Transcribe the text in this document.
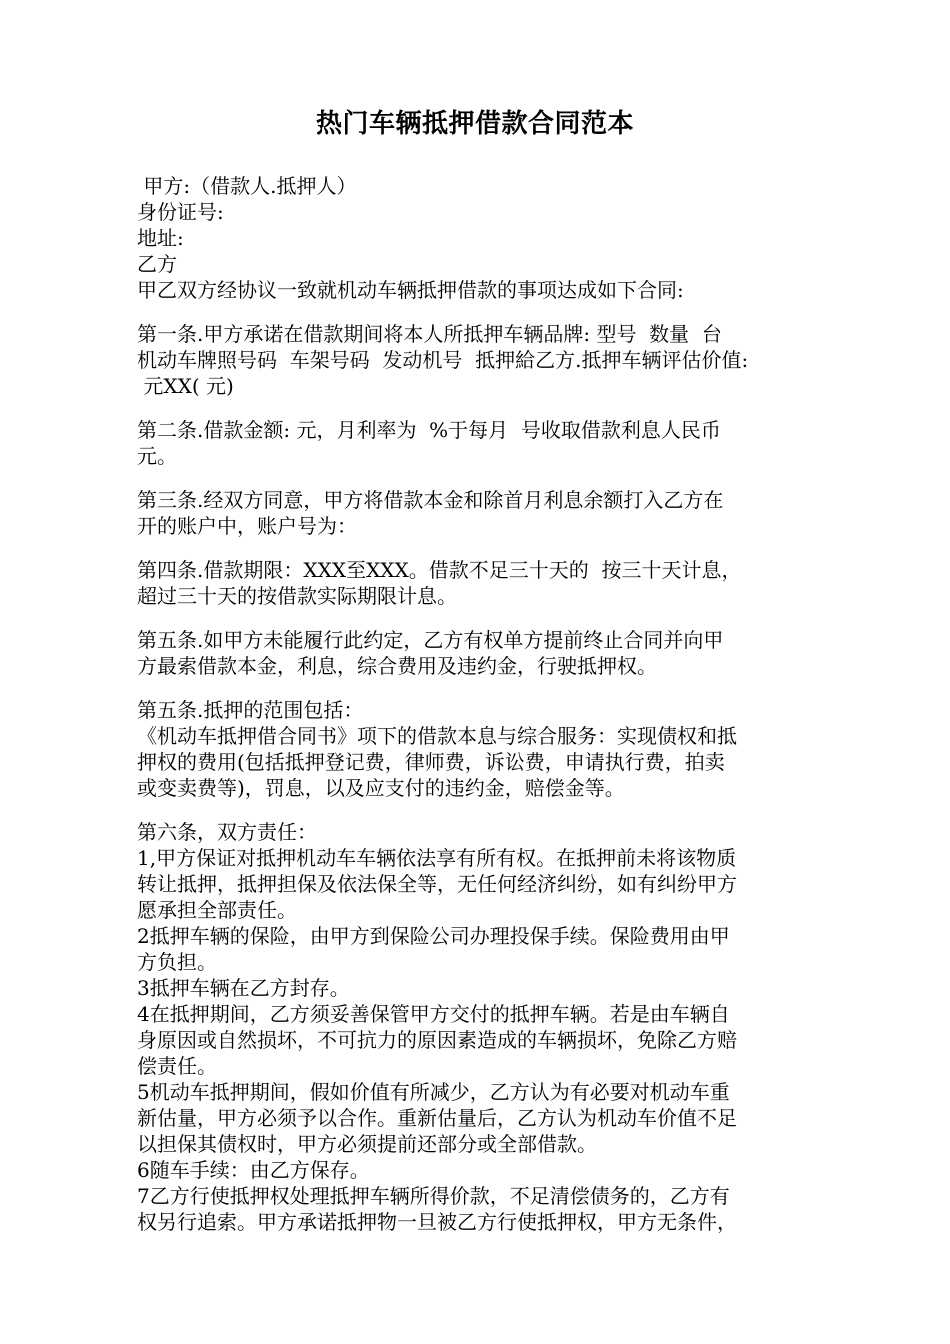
热门车辆抵押借款合同范本
甲方:（借款人.抵押人）
身份证号:
地址:
乙方
甲乙双方经协议一致就机动车辆抵押借款的事项达成如下合同:
第一条.甲方承诺在借款期间将本人所抵押车辆品牌: 型号  数量  台
机动车牌照号码  车架号码  发动机号  抵押給乙方.抵押车辆评估价值:
元XX( 元)
第二条.借款金额: 元，月利率为  %于每月  号收取借款利息人民币
元。
第三条.经双方同意，甲方将借款本金和除首月利息余额打入乙方在
开的账户中，账户号为：
第四条.借款期限：XXX至XXX。借款不足三十天的  按三十天计息，
超过三十天的按借款实际期限计息。
第五条.如甲方未能履行此约定，乙方有权单方提前终止合同并向甲
方最索借款本金，利息，综合费用及违约金，行驶抵押权。
第五条.抵押的范围包括：
《机动车抵押借合同书》项下的借款本息与综合服务：实现债权和抵
押权的费用(包括抵押登记费，律师费，诉讼费，申请执行费，拍卖
或变卖费等)，罚息，以及应支付的违约金，赔偿金等。
第六条，双方责任：
1,甲方保证对抵押机动车车辆依法享有所有权。在抵押前未将该物质
转让抵押，抵押担保及依法保全等，无任何经济纠纷，如有纠纷甲方
愿承担全部责任。
2抵押车辆的保险，由甲方到保险公司办理投保手续。保险费用由甲
方负担。
3抵押车辆在乙方封存。
4在抵押期间，乙方须妥善保管甲方交付的抵押车辆。若是由车辆自
身原因或自然损坏，不可抗力的原因素造成的车辆损坏，免除乙方赔
偿责任。
5机动车抵押期间，假如价值有所减少，乙方认为有必要对机动车重
新估量，甲方必须予以合作。重新估量后，乙方认为机动车价值不足
以担保其债权时，甲方必须提前还部分或全部借款。
6随车手续：由乙方保存。
7乙方行使抵押权处理抵押车辆所得价款，不足清偿债务的，乙方有
权另行追索。甲方承诺抵押物一旦被乙方行使抵押权，甲方无条件，
